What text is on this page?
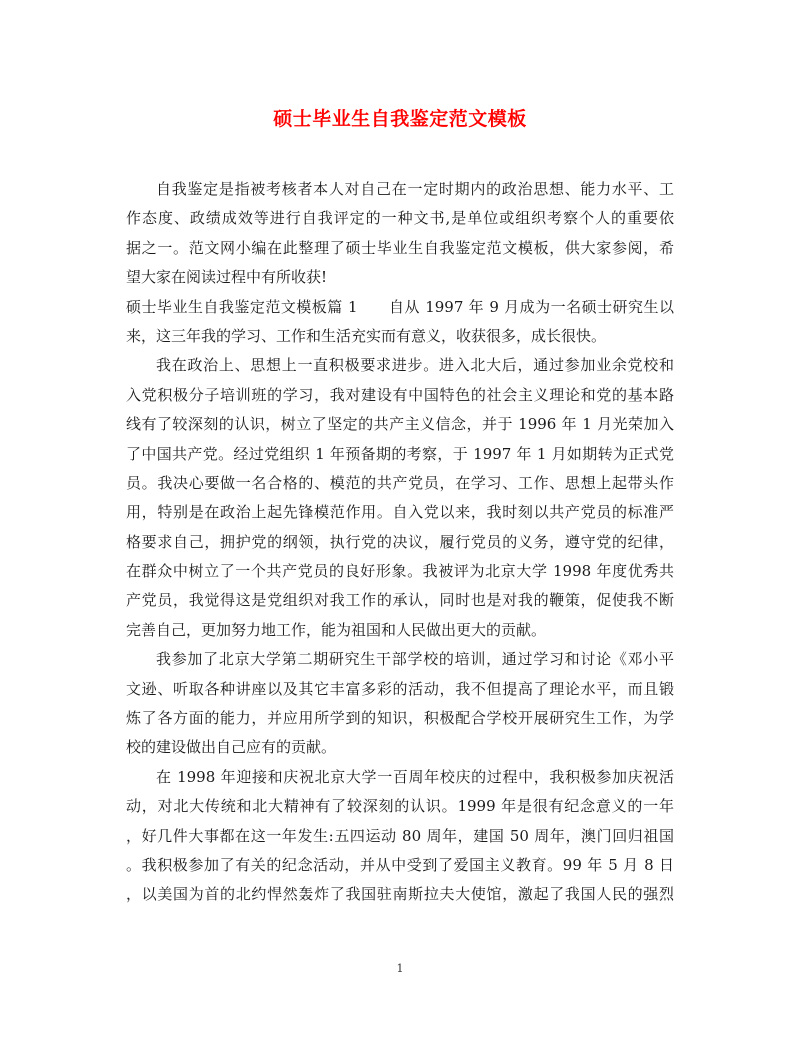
硕士毕业生自我鉴定范文模板
自我鉴定是指被考核者本人对自己在一定时期内的政治思想、能力水平、工
作态度、政绩成效等进行自我评定的一种文书,是单位或组织考察个人的重要依
据之一。范文网小编在此整理了硕士毕业生自我鉴定范文模板，供大家参阅，希
望大家在阅读过程中有所收获!
硕士毕业生自我鉴定范文模板篇 1　　自从 1997 年 9 月成为一名硕士研究生以
来，这三年我的学习、工作和生活充实而有意义，收获很多，成长很快。
我在政治上、思想上一直积极要求进步。进入北大后，通过参加业余党校和
入党积极分子培训班的学习，我对建设有中国特色的社会主义理论和党的基本路
线有了较深刻的认识，树立了坚定的共产主义信念，并于 1996 年 1 月光荣加入
了中国共产党。经过党组织 1 年预备期的考察，于 1997 年 1 月如期转为正式党
员。我决心要做一名合格的、模范的共产党员，在学习、工作、思想上起带头作
用，特别是在政治上起先锋模范作用。自入党以来，我时刻以共产党员的标准严
格要求自己，拥护党的纲领，执行党的决议，履行党员的义务，遵守党的纪律，
在群众中树立了一个共产党员的良好形象。我被评为北京大学 1998 年度优秀共
产党员，我觉得这是党组织对我工作的承认，同时也是对我的鞭策，促使我不断
完善自己，更加努力地工作，能为祖国和人民做出更大的贡献。
我参加了北京大学第二期研究生干部学校的培训，通过学习和讨论《邓小平
文逊、听取各种讲座以及其它丰富多彩的活动，我不但提高了理论水平，而且锻
炼了各方面的能力，并应用所学到的知识，积极配合学校开展研究生工作，为学
校的建设做出自己应有的贡献。
在 1998 年迎接和庆祝北京大学一百周年校庆的过程中，我积极参加庆祝活
动，对北大传统和北大精神有了较深刻的认识。1999 年是很有纪念意义的一年
，好几件大事都在这一年发生:五四运动 80 周年，建国 50 周年，澳门回归祖国
。我积极参加了有关的纪念活动，并从中受到了爱国主义教育。99 年 5 月 8 日
，以美国为首的北约悍然轰炸了我国驻南斯拉夫大使馆，激起了我国人民的强烈
1
